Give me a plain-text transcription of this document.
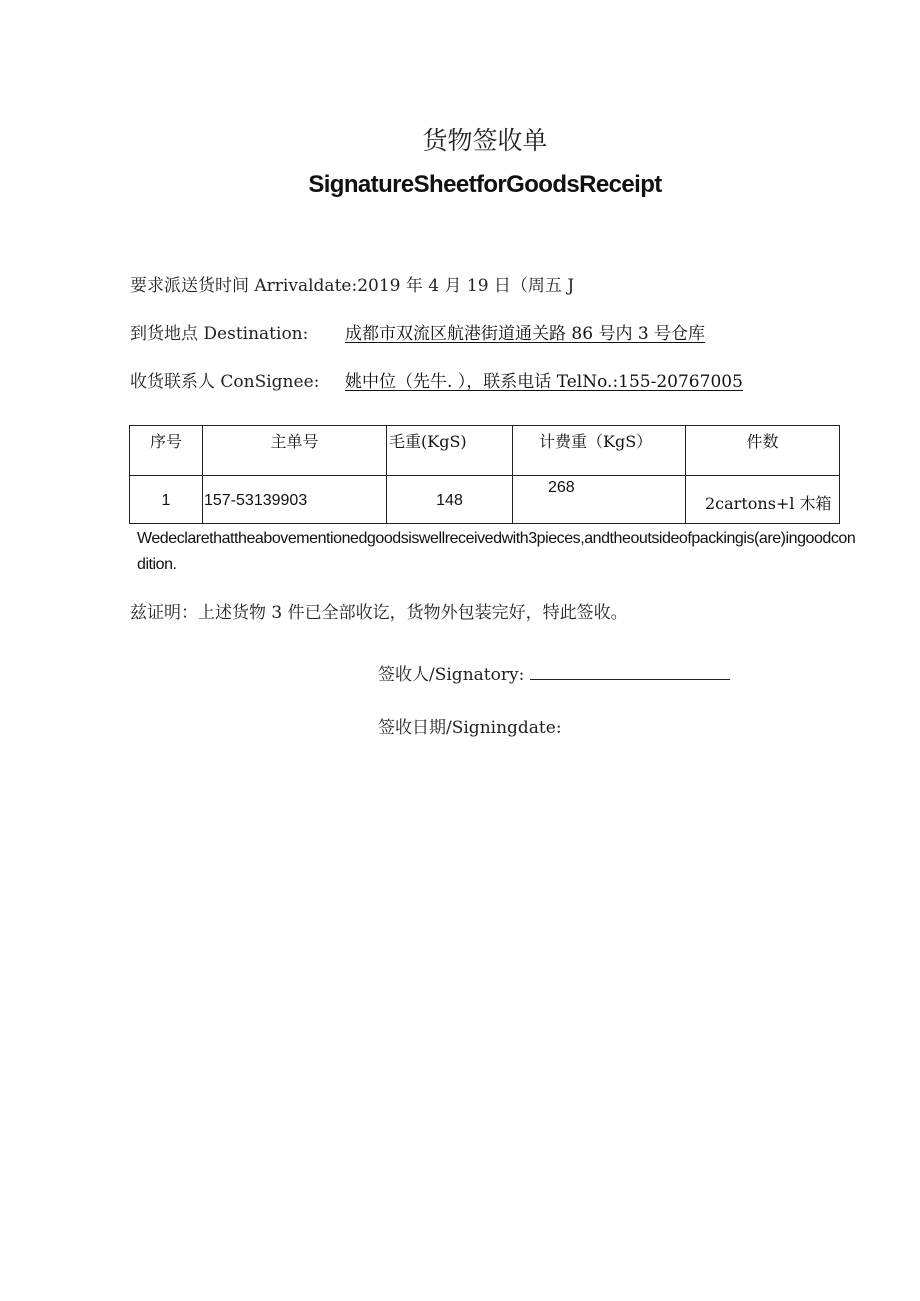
货物签收单
SignatureSheetforGoodsReceipt
要求派送货时间 Arrivaldate:2019 年 4 月 19 日（周五 J
到货地点 Destination: 成都市双流区航港街道通关路 86 号内 3 号仓库
收货联系人 ConSignee: 姚中位（先牛. ），联系电话 TelNo.:155-20767005
序号	主单号	毛重(KgS)	计费重（KgS）	件数

1	157-53139903	148	268	2cartons+l 木箱
Wedeclarethattheabovementionedgoodsiswellreceivedwith3pieces,andtheoutsideofpackingis(are)ingoodcondition.
兹证明：上述货物 3 件已全部收讫，货物外包装完好，特此签收。
签收人/Signatory:
签收日期/Signingdate:
